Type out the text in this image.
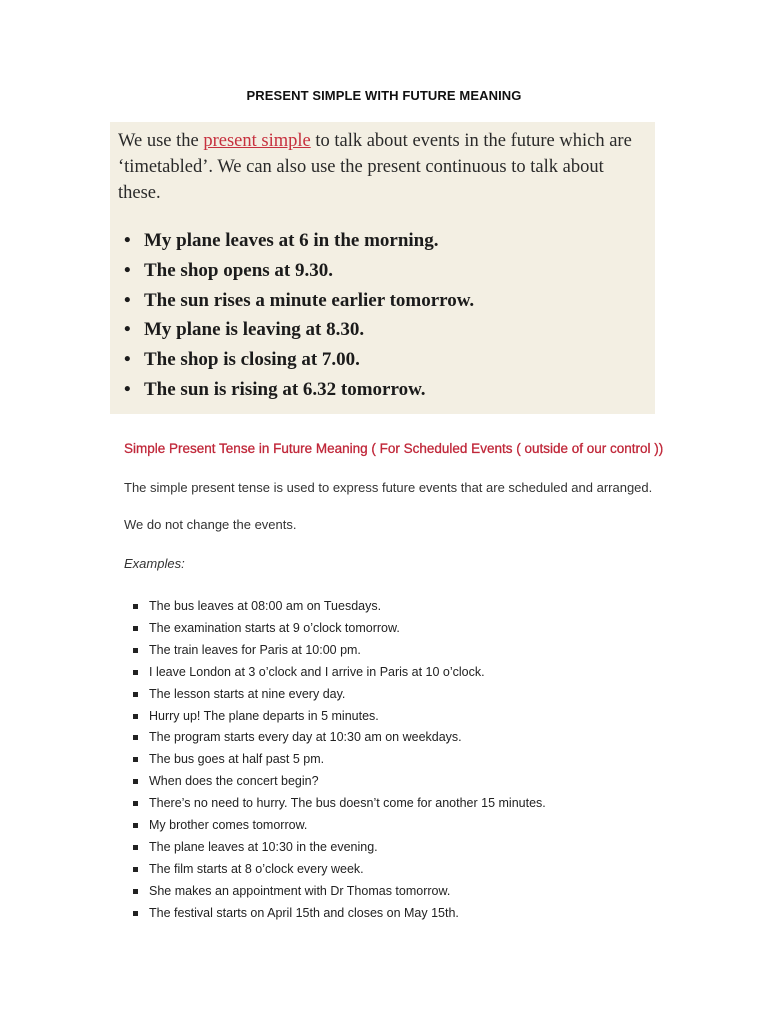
PRESENT SIMPLE WITH FUTURE MEANING

We use the present simple to talk about events in the future which are ‘timetabled’. We can also use the present continuous to talk about these.

• My plane leaves at 6 in the morning.
• The shop opens at 9.30.
• The sun rises a minute earlier tomorrow.
• My plane is leaving at 8.30.
• The shop is closing at 7.00.
• The sun is rising at 6.32 tomorrow.
Simple Present Tense in Future Meaning ( For Scheduled Events ( outside of our control ))
The simple present tense is used to express future events that are scheduled and arranged.
We do not change the events.
Examples:
The bus leaves at 08:00 am on Tuesdays.
The examination starts at 9 o’clock tomorrow.
The train leaves for Paris at 10:00 pm.
I leave London at 3 o’clock and I arrive in Paris at 10 o’clock.
The lesson starts at nine every day.
Hurry up! The plane departs in 5 minutes.
The program starts every day at 10:30 am on weekdays.
The bus goes at half past 5 pm.
When does the concert begin?
There’s no need to hurry. The bus doesn’t come for another 15 minutes.
My brother comes tomorrow.
The plane leaves at 10:30 in the evening.
The film starts at 8 o’clock every week.
She makes an appointment with Dr Thomas tomorrow.
The festival starts on April 15th and closes on May 15th.
